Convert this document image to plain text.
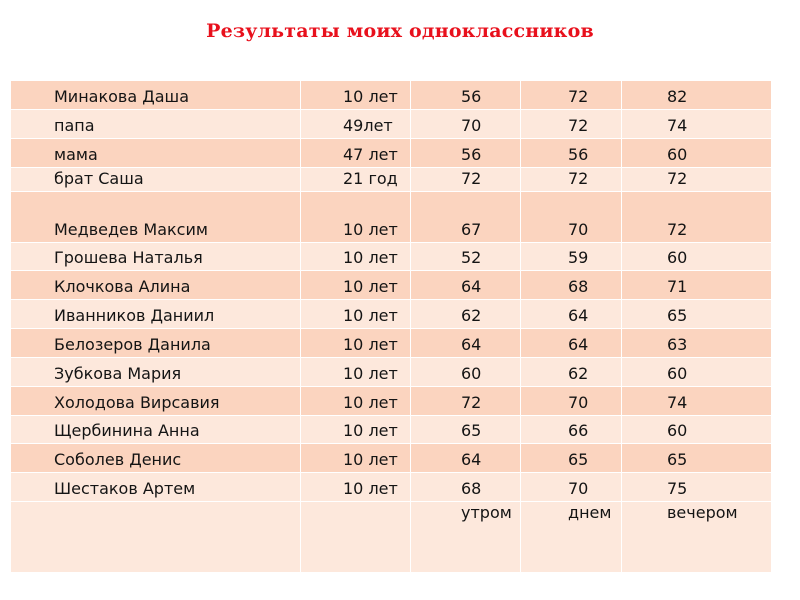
Результаты моих одноклассников
Минакова Даша	10 лет	56	72	82

папа	49лет	70	72	74

мама	47 лет	56	56	60

брат Саша	21 год	72	72	72

Медведев Максим	10 лет	67	70	72

Грошева Наталья	10 лет	52	59	60

Клочкова Алина	10 лет	64	68	71

Иванников Даниил	10 лет	62	64	65

Белозеров Данила	10 лет	64	64	63

Зубкова Мария	10 лет	60	62	60

Холодова Вирсавия	10 лет	72	70	74

Щербинина Анна	10 лет	65	66	60

Соболев Денис	10 лет	64	65	65

Шестаков Артем	10 лет	68	70	75

		утром	днем	вечером
